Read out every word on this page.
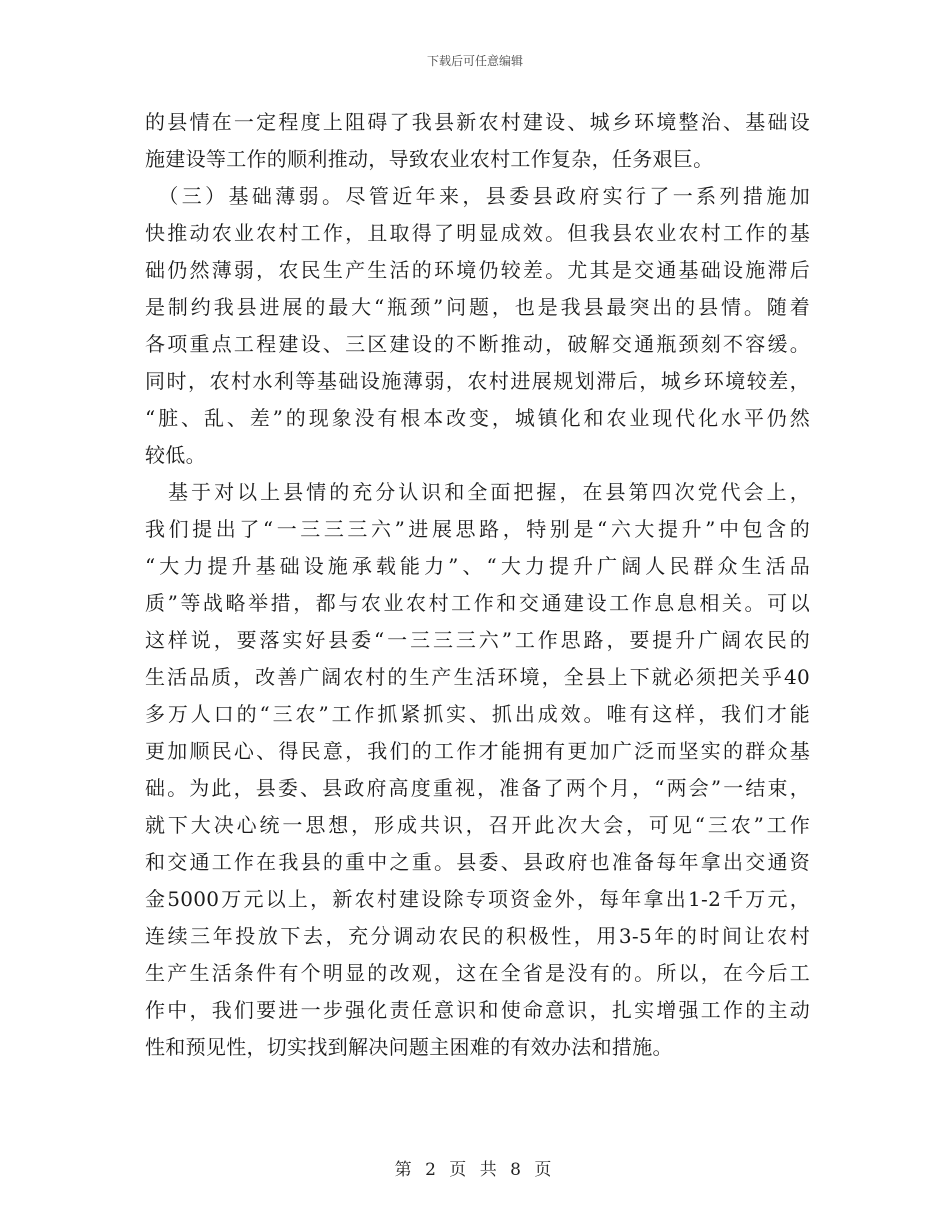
下载后可任意编辑
的县情在一定程度上阻碍了我县新农村建设、城乡环境整治、基础设
施建设等工作的顺利推动，导致农业农村工作复杂，任务艰巨。
　（三）基础薄弱。尽管近年来，县委县政府实行了一系列措施加
快推动农业农村工作，且取得了明显成效。但我县农业农村工作的基
础仍然薄弱，农民生产生活的环境仍较差。尤其是交通基础设施滞后
是制约我县进展的最大“瓶颈”问题，也是我县最突出的县情。随着
各项重点工程建设、三区建设的不断推动，破解交通瓶颈刻不容缓。
同时，农村水利等基础设施薄弱，农村进展规划滞后，城乡环境较差，
“脏、乱、差”的现象没有根本改变，城镇化和农业现代化水平仍然
较低。
　基于对以上县情的充分认识和全面把握，在县第四次党代会上，
我们提出了“一三三三六”进展思路，特别是“六大提升”中包含的
“大力提升基础设施承载能力”、“大力提升广阔人民群众生活品
质”等战略举措，都与农业农村工作和交通建设工作息息相关。可以
这样说，要落实好县委“一三三三六”工作思路，要提升广阔农民的
生活品质，改善广阔农村的生产生活环境，全县上下就必须把关乎40
多万人口的“三农”工作抓紧抓实、抓出成效。唯有这样，我们才能
更加顺民心、得民意，我们的工作才能拥有更加广泛而坚实的群众基
础。为此，县委、县政府高度重视，准备了两个月，“两会”一结束，
就下大决心统一思想，形成共识，召开此次大会，可见“三农”工作
和交通工作在我县的重中之重。县委、县政府也准备每年拿出交通资
金5000万元以上，新农村建设除专项资金外，每年拿出1-2千万元，
连续三年投放下去，充分调动农民的积极性，用3-5年的时间让农村
生产生活条件有个明显的改观，这在全省是没有的。所以，在今后工
作中，我们要进一步强化责任意识和使命意识，扎实增强工作的主动
性和预见性，切实找到解决问题主困难的有效办法和措施。
第 2 页 共 8 页
